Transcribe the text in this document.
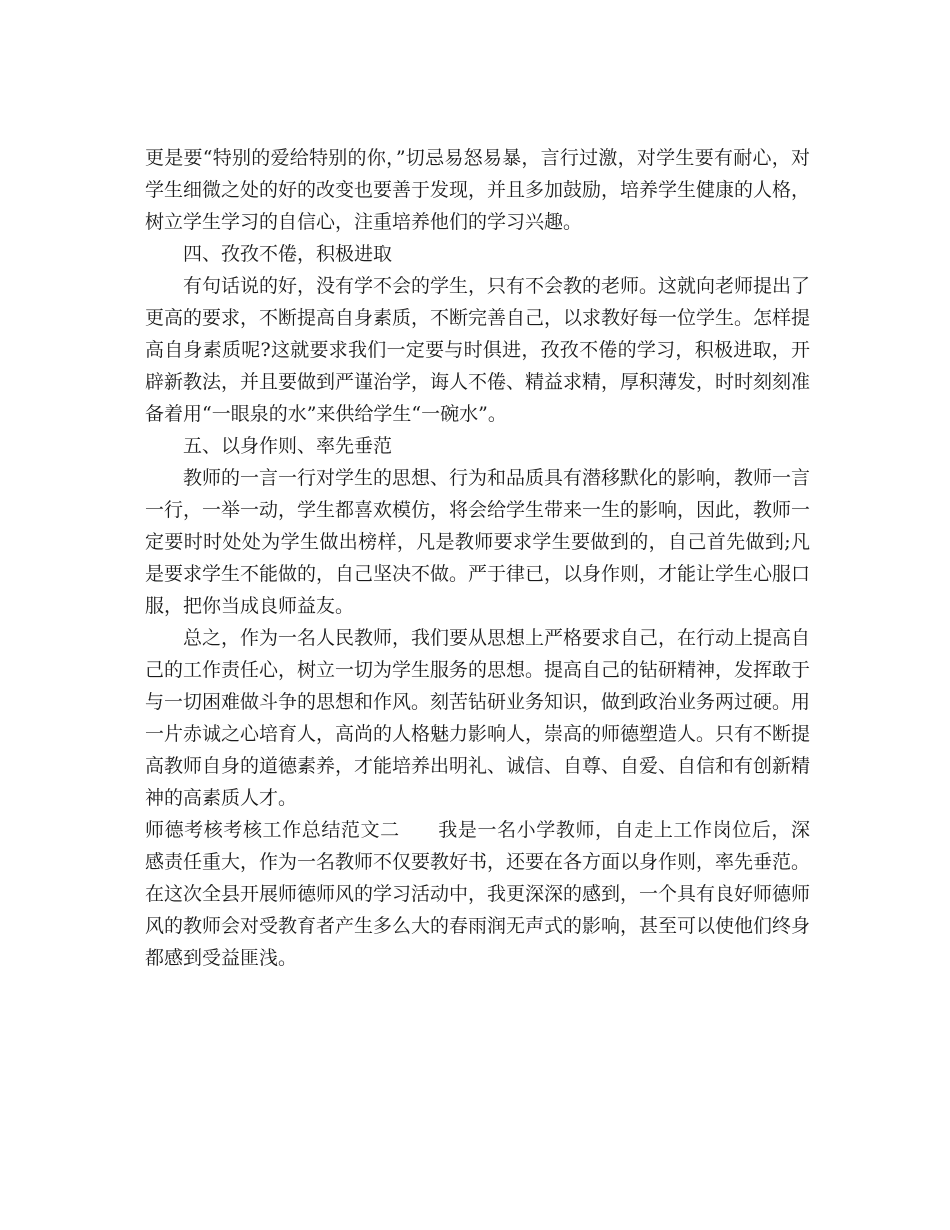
更是要“特别的爱给特别的你，”切忌易怒易暴，言行过激，对学生要有耐心，对学生细微之处的好的改变也要善于发现，并且多加鼓励，培养学生健康的人格，树立学生学习的自信心，注重培养他们的学习兴趣。

四、孜孜不倦，积极进取

有句话说的好，没有学不会的学生，只有不会教的老师。这就向老师提出了更高的要求，不断提高自身素质，不断完善自己，以求教好每一位学生。怎样提高自身素质呢?这就要求我们一定要与时俱进，孜孜不倦的学习，积极进取，开辟新教法，并且要做到严谨治学，诲人不倦、精益求精，厚积薄发，时时刻刻准备着用“一眼泉的水”来供给学生“一碗水”。

五、以身作则、率先垂范

教师的一言一行对学生的思想、行为和品质具有潜移默化的影响，教师一言一行，一举一动，学生都喜欢模仿，将会给学生带来一生的影响，因此，教师一定要时时处处为学生做出榜样，凡是教师要求学生要做到的，自己首先做到;凡是要求学生不能做的，自己坚决不做。严于律已，以身作则，才能让学生心服口服，把你当成良师益友。

总之，作为一名人民教师，我们要从思想上严格要求自己，在行动上提高自己的工作责任心，树立一切为学生服务的思想。提高自己的钻研精神，发挥敢于与一切困难做斗争的思想和作风。刻苦钻研业务知识，做到政治业务两过硬。用一片赤诚之心培育人，高尚的人格魅力影响人，崇高的师德塑造人。只有不断提高教师自身的道德素养，才能培养出明礼、诚信、自尊、自爱、自信和有创新精神的高素质人才。

师德考核考核工作总结范文二 我是一名小学教师，自走上工作岗位后，深感责任重大，作为一名教师不仅要教好书，还要在各方面以身作则，率先垂范。在这次全县开展师德师风的学习活动中，我更深深的感到，一个具有良好师德师风的教师会对受教育者产生多么大的春雨润无声式的影响，甚至可以使他们终身都感到受益匪浅。
